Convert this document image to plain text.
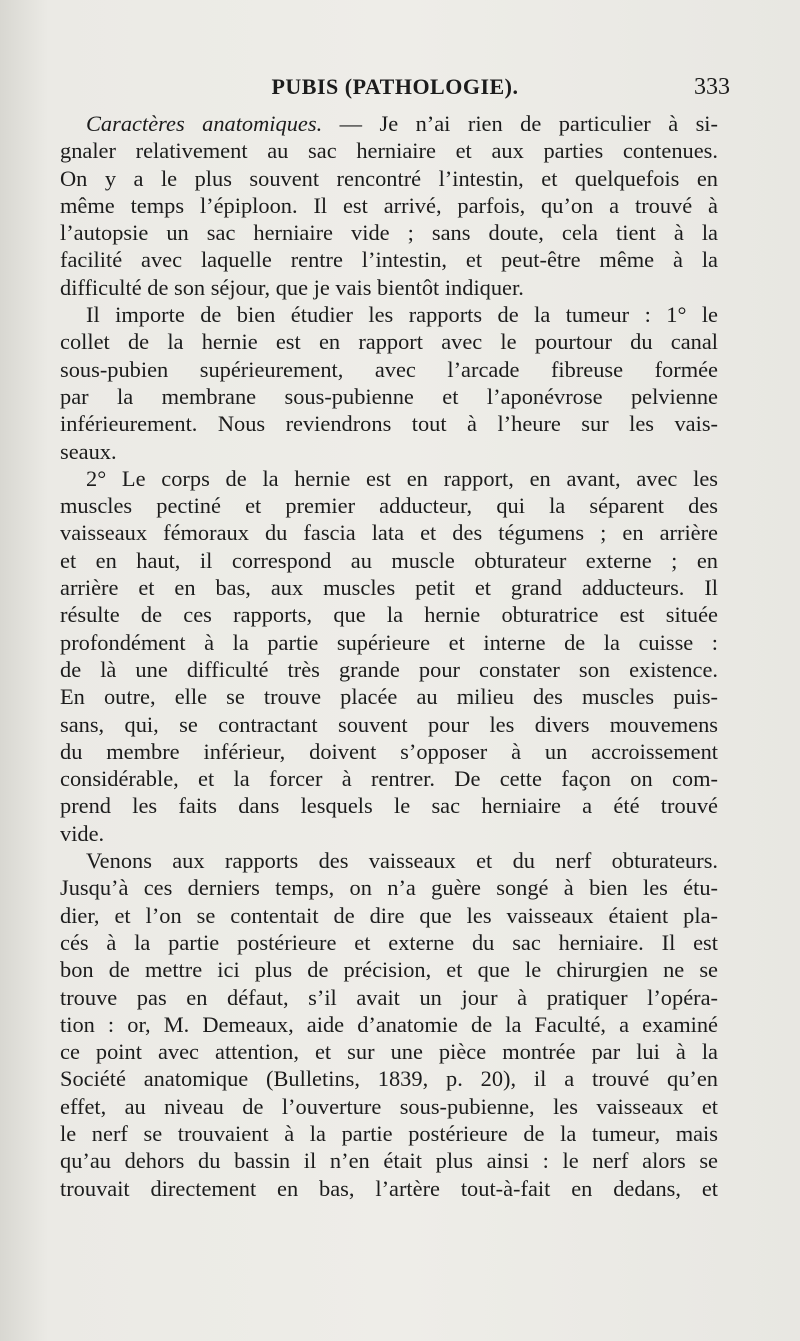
PUBIS (PATHOLOGIE).	333
Caractères anatomiques. — Je n’ai rien de particulier à si-
gnaler relativement au sac herniaire et aux parties contenues.
On y a le plus souvent rencontré l’intestin, et quelquefois en
même temps l’épiploon. Il est arrivé, parfois, qu’on a trouvé à
l’autopsie un sac herniaire vide ; sans doute, cela tient à la
facilité avec laquelle rentre l’intestin, et peut-être même à la
difficulté de son séjour, que je vais bientôt indiquer.
Il importe de bien étudier les rapports de la tumeur : 1° le
collet de la hernie est en rapport avec le pourtour du canal
sous-pubien supérieurement, avec l’arcade fibreuse formée
par la membrane sous-pubienne et l’aponévrose pelvienne
inférieurement. Nous reviendrons tout à l’heure sur les vais-
seaux.
2° Le corps de la hernie est en rapport, en avant, avec les
muscles pectiné et premier adducteur, qui la séparent des
vaisseaux fémoraux du fascia lata et des tégumens ; en arrière
et en haut, il correspond au muscle obturateur externe ; en
arrière et en bas, aux muscles petit et grand adducteurs. Il
résulte de ces rapports, que la hernie obturatrice est située
profondément à la partie supérieure et interne de la cuisse :
de là une difficulté très grande pour constater son existence.
En outre, elle se trouve placée au milieu des muscles puis-
sans, qui, se contractant souvent pour les divers mouvemens
du membre inférieur, doivent s’opposer à un accroissement
considérable, et la forcer à rentrer. De cette façon on com-
prend les faits dans lesquels le sac herniaire a été trouvé
vide.
Venons aux rapports des vaisseaux et du nerf obturateurs.
Jusqu’à ces derniers temps, on n’a guère songé à bien les étu-
dier, et l’on se contentait de dire que les vaisseaux étaient pla-
cés à la partie postérieure et externe du sac herniaire. Il est
bon de mettre ici plus de précision, et que le chirurgien ne se
trouve pas en défaut, s’il avait un jour à pratiquer l’opéra-
tion : or, M. Demeaux, aide d’anatomie de la Faculté, a examiné
ce point avec attention, et sur une pièce montrée par lui à la
Société anatomique (Bulletins, 1839, p. 20), il a trouvé qu’en
effet, au niveau de l’ouverture sous-pubienne, les vaisseaux et
le nerf se trouvaient à la partie postérieure de la tumeur, mais
qu’au dehors du bassin il n’en était plus ainsi : le nerf alors se
trouvait directement en bas, l’artère tout-à-fait en dedans, et
